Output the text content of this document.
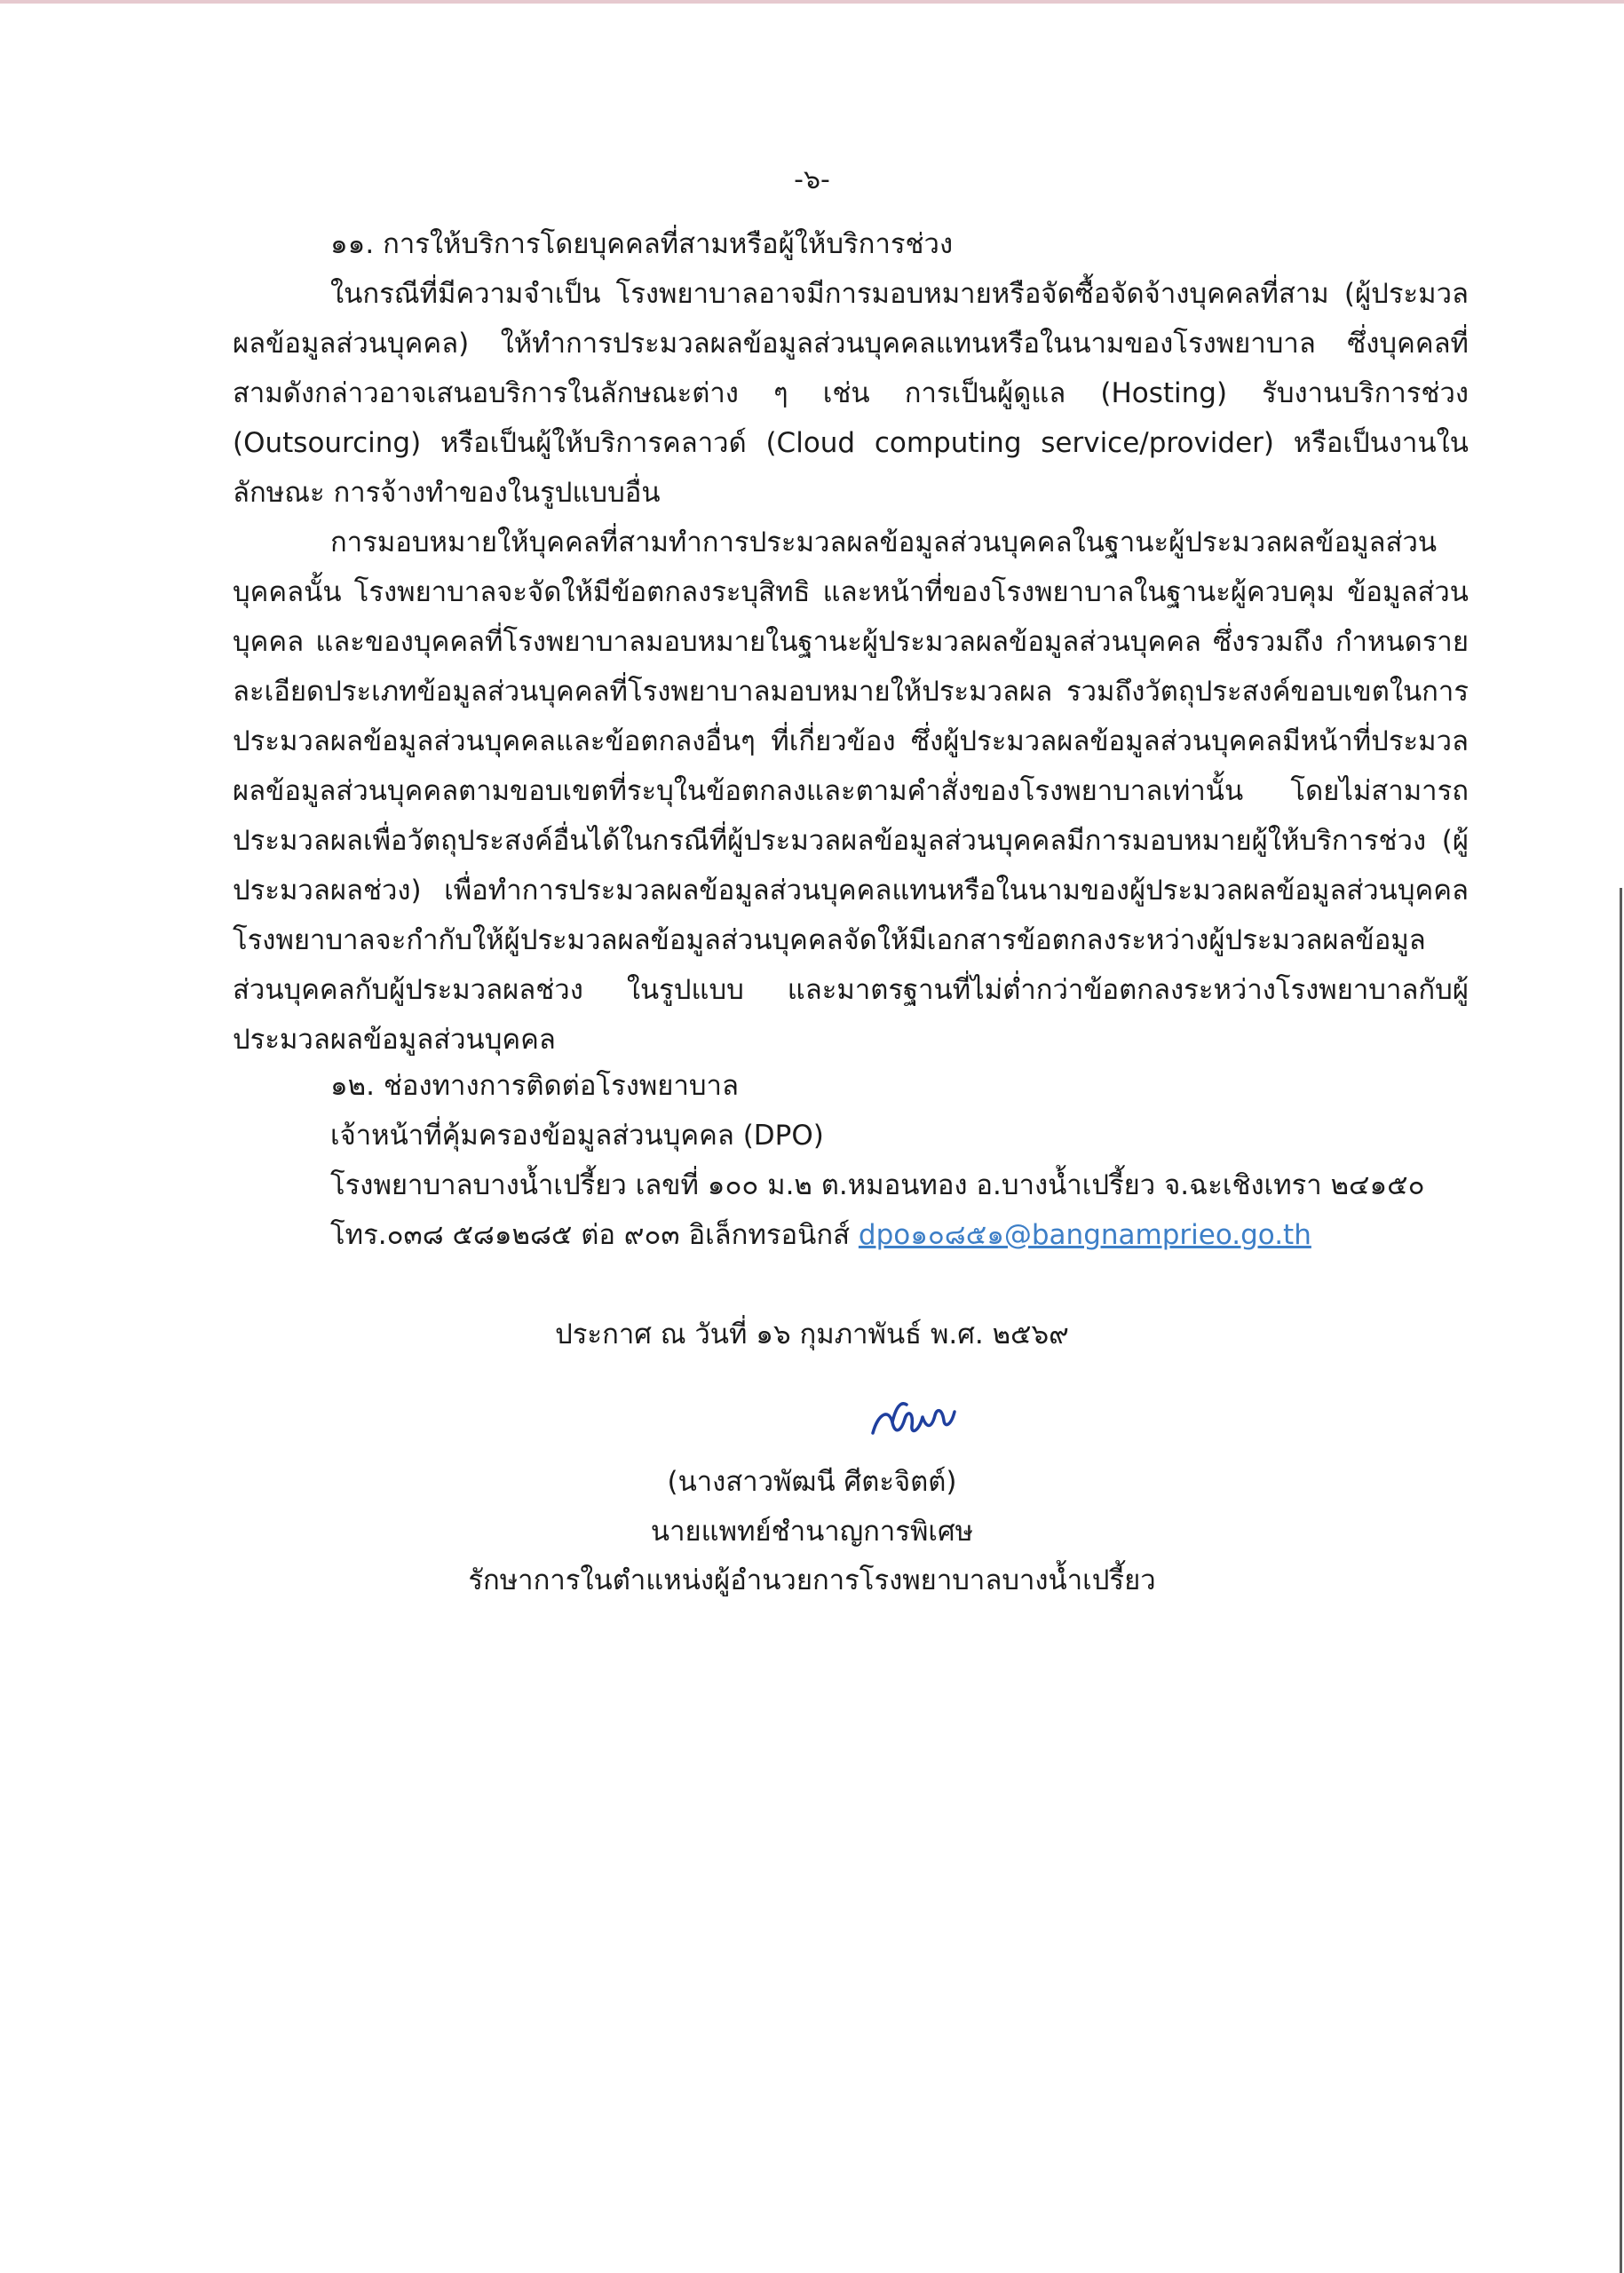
-๖-

๑๑. การให้บริการโดยบุคคลที่สามหรือผู้ให้บริการช่วง

ในกรณีที่มีความจำเป็น โรงพยาบาลอาจมีการมอบหมายหรือจัดซื้อจัดจ้างบุคคลที่สาม (ผู้ประมวลผลข้อมูลส่วนบุคคล) ให้ทำการประมวลผลข้อมูลส่วนบุคคลแทนหรือในนามของโรงพยาบาล ซึ่งบุคคลที่สามดังกล่าวอาจเสนอบริการในลักษณะต่าง ๆ เช่น การเป็นผู้ดูแล (Hosting) รับงานบริการช่วง (Outsourcing) หรือเป็นผู้ให้บริการคลาวด์ (Cloud computing service/provider) หรือเป็นงานในลักษณะ การจ้างทำของในรูปแบบอื่น

การมอบหมายให้บุคคลที่สามทำการประมวลผลข้อมูลส่วนบุคคลในฐานะผู้ประมวลผลข้อมูลส่วนบุคคลนั้น โรงพยาบาลจะจัดให้มีข้อตกลงระบุสิทธิ และหน้าที่ของโรงพยาบาลในฐานะผู้ควบคุม ข้อมูลส่วนบุคคล และของบุคคลที่โรงพยาบาลมอบหมายในฐานะผู้ประมวลผลข้อมูลส่วนบุคคล ซึ่งรวมถึง กำหนดรายละเอียดประเภทข้อมูลส่วนบุคคลที่โรงพยาบาลมอบหมายให้ประมวลผล รวมถึงวัตถุประสงค์ขอบเขตในการประมวลผลข้อมูลส่วนบุคคลและข้อตกลงอื่นๆ ที่เกี่ยวข้อง ซึ่งผู้ประมวลผลข้อมูลส่วนบุคคลมีหน้าที่ประมวลผลข้อมูลส่วนบุคคลตามขอบเขตที่ระบุในข้อตกลงและตามคำสั่งของโรงพยาบาลเท่านั้น โดยไม่สามารถ ประมวลผลเพื่อวัตถุประสงค์อื่นได้ในกรณีที่ผู้ประมวลผลข้อมูลส่วนบุคคลมีการมอบหมายผู้ให้บริการช่วง (ผู้ประมวลผลช่วง) เพื่อทำการประมวลผลข้อมูลส่วนบุคคลแทนหรือในนามของผู้ประมวลผลข้อมูลส่วนบุคคล โรงพยาบาลจะกำกับให้ผู้ประมวลผลข้อมูลส่วนบุคคลจัดให้มีเอกสารข้อตกลงระหว่างผู้ประมวลผลข้อมูลส่วนบุคคลกับผู้ประมวลผลช่วง ในรูปแบบ และมาตรฐานที่ไม่ต่ำกว่าข้อตกลงระหว่างโรงพยาบาลกับผู้ประมวลผลข้อมูลส่วนบุคคล

๑๒. ช่องทางการติดต่อโรงพยาบาล

เจ้าหน้าที่คุ้มครองข้อมูลส่วนบุคคล (DPO)

โรงพยาบาลบางน้ำเปรี้ยว เลขที่ ๑๐๐ ม.๒ ต.หมอนทอง อ.บางน้ำเปรี้ยว จ.ฉะเชิงเทรา ๒๔๑๕๐

โทร.๐๓๘ ๕๘๑๒๘๕ ต่อ ๙๐๓ อิเล็กทรอนิกส์ dpo๑๐๘๕๑@bangnamprieo.go.th

ประกาศ ณ วันที่ ๑๖ กุมภาพันธ์ พ.ศ. ๒๕๖๙
(นางสาวพัฒนี ศีตะจิตต์)
นายแพทย์ชำนาญการพิเศษ
รักษาการในตำแหน่งผู้อำนวยการโรงพยาบาลบางน้ำเปรี้ยว
